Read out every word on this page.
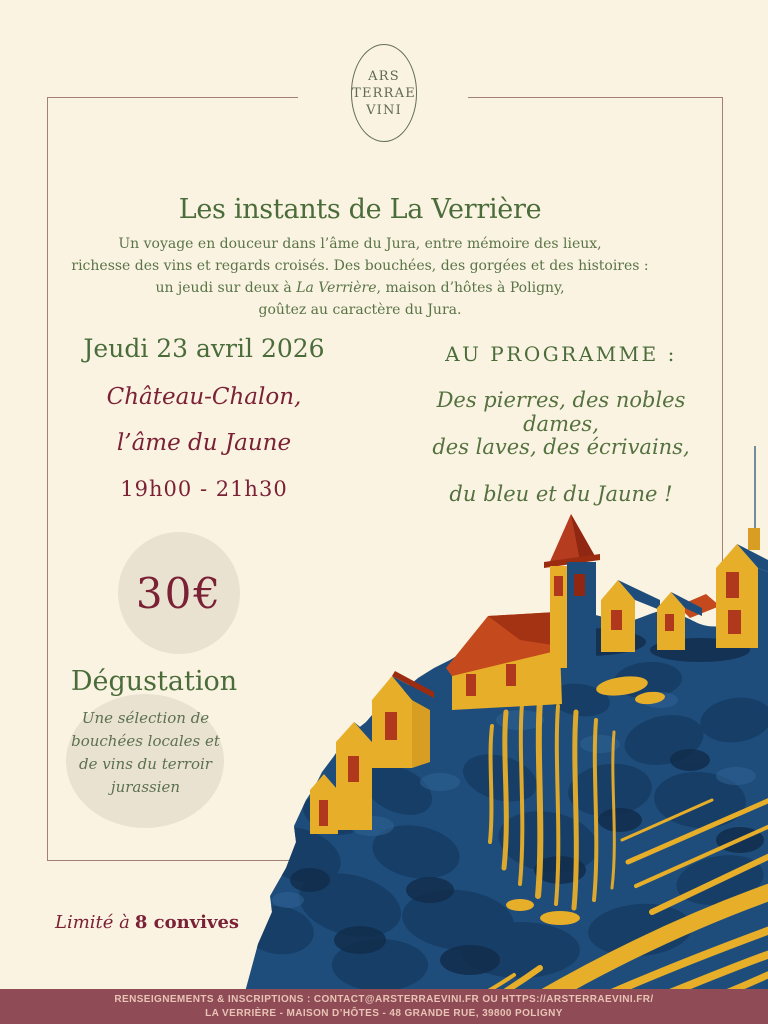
ARS
TERRAE
VINI
Les instants de La Verrière
Un voyage en douceur dans l’âme du Jura, entre mémoire des lieux,
richesse des vins et regards croisés. Des bouchées, des gorgées et des histoires :
un jeudi sur deux à La Verrière, maison d’hôtes à Poligny,
goûtez au caractère du Jura.
Jeudi 23 avril 2026
Château-Chalon,
l’âme du Jaune
19h00 - 21h30
AU PROGRAMME :
Des pierres, des nobles dames,
des laves, des écrivains,
du bleu et du Jaune !
30€
Dégustation
Une sélection de
bouchées locales et
de vins du terroir
jurassien
Limité à 8 convives
RENSEIGNEMENTS & INSCRIPTIONS : CONTACT@ARSTERRAEVINI.FR OU HTTPS://ARSTERRAEVINI.FR/
LA VERRIÈRE - MAISON D’HÔTES - 48 GRANDE RUE, 39800 POLIGNY
